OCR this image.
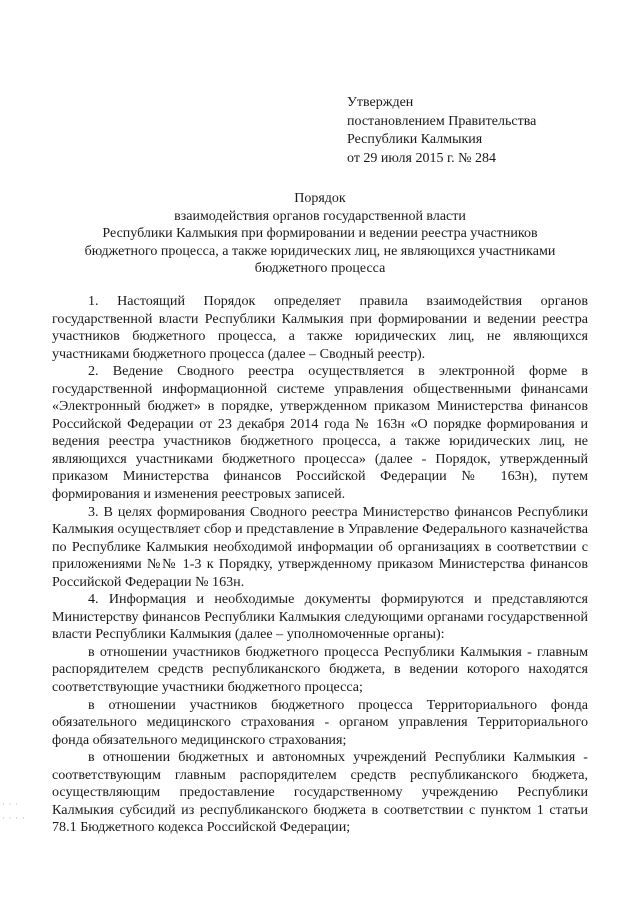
Утвержден
постановлением Правительства
Республики Калмыкия
от 29 июля 2015 г. № 284
Порядок
взаимодействия органов государственной власти
Республики Калмыкия при формировании и ведении реестра участников
бюджетного процесса, а также юридических лиц, не являющихся участниками
бюджетного процесса

1. Настоящий Порядок определяет правила взаимодействия органов государственной власти Республики Калмыкия при формировании и ведении реестра участников бюджетного процесса, а также юридических лиц, не являющихся участниками бюджетного процесса (далее – Сводный реестр).

2. Ведение Сводного реестра осуществляется в электронной форме в государственной информационной системе управления общественными финансами «Электронный бюджет» в порядке, утвержденном приказом Министерства финансов Российской Федерации от 23 декабря 2014 года № 163н «О порядке формирования и ведения реестра участников бюджетного процесса, а также юридических лиц, не являющихся участниками бюджетного процесса» (далее - Порядок, утвержденный приказом Министерства финансов Российской Федерации № 163н), путем формирования и изменения реестровых записей.

3. В целях формирования Сводного реестра Министерство финансов Республики Калмыкия осуществляет сбор и представление в Управление Федерального казначейства по Республике Калмыкия необходимой информации об организациях в соответствии с приложениями №№ 1-3 к Порядку, утвержденному приказом Министерства финансов Российской Федерации № 163н.

4. Информация и необходимые документы формируются и представляются Министерству финансов Республики Калмыкия следующими органами государственной власти Республики Калмыкия (далее – уполномоченные органы):

в отношении участников бюджетного процесса Республики Калмыкия - главным распорядителем средств республиканского бюджета, в ведении которого находятся соответствующие участники бюджетного процесса;

в отношении участников бюджетного процесса Территориального фонда обязательного медицинского страхования - органом управления Территориального фонда обязательного медицинского страхования;

в отношении бюджетных и автономных учреждений Республики Калмыкия - соответствующим главным распорядителем средств республиканского бюджета, осуществляющим предоставление государственному учреждению Республики Калмыкия субсидий из республиканского бюджета в соответствии с пунктом 1 статьи 78.1 Бюджетного кодекса Российской Федерации;

· · ·
· · · ·
